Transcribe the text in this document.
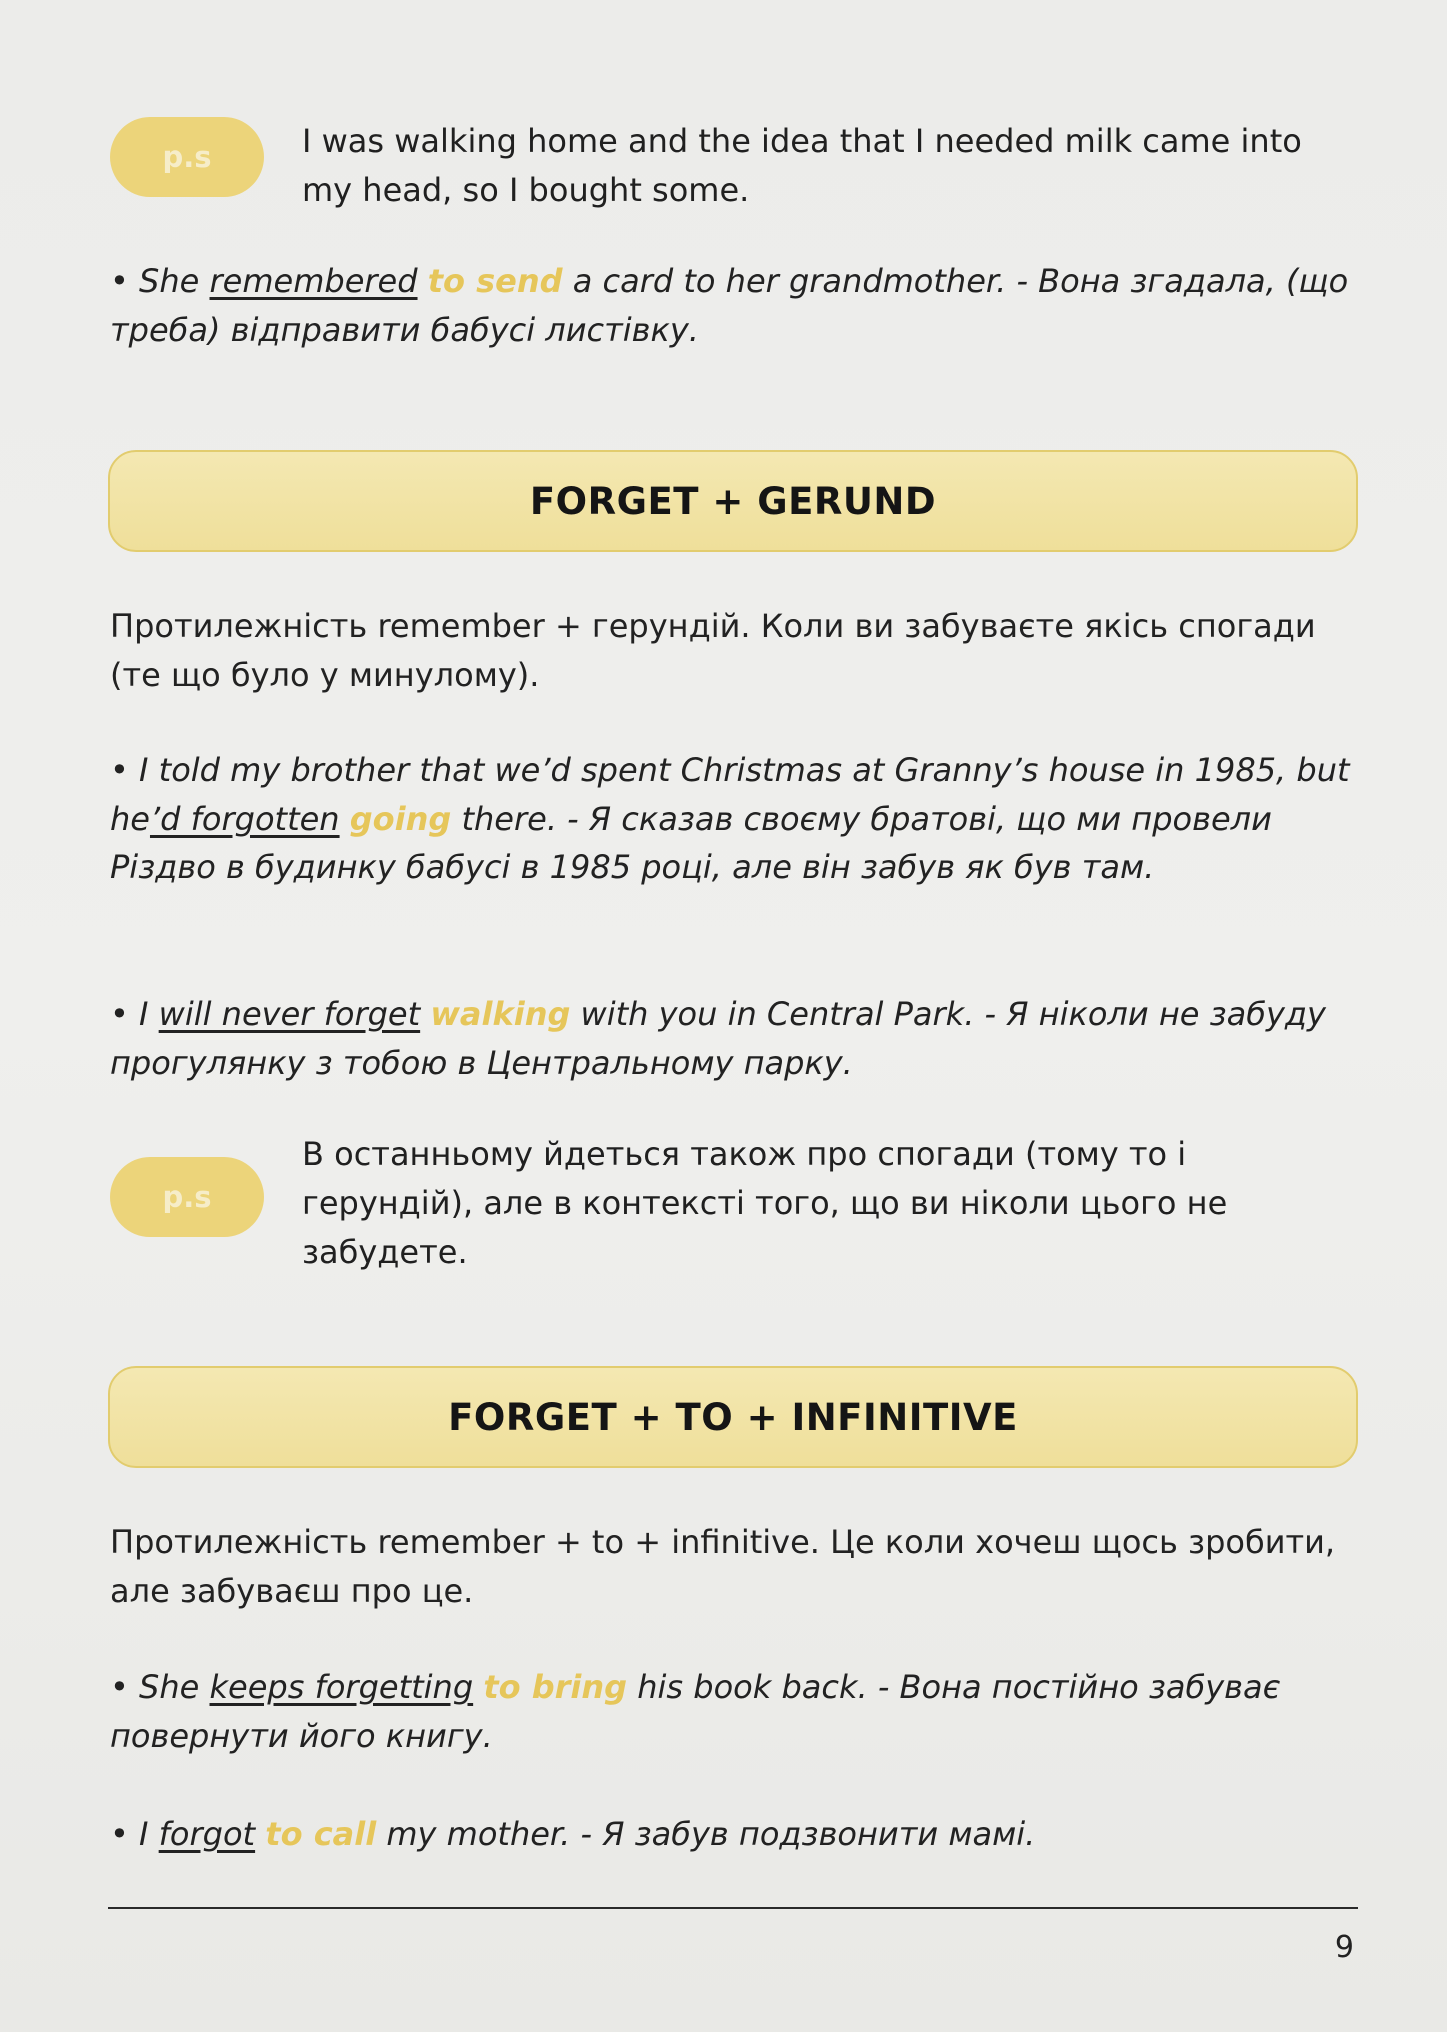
p.s	I was walking home and the idea that I needed milk came into my head, so I bought some.
• She remembered to send a card to her grandmother. - Вона згадала, (що треба) відправити бабусі листівку.
FORGET + GERUND
Протилежність remember + герундій. Коли ви забуваєте якісь спогади (те що було у минулому).
• I told my brother that we’d spent Christmas at Granny’s house in 1985, but he’d forgotten going there. - Я сказав своєму братові, що ми провели Різдво в будинку бабусі в 1985 році, але він забув як був там.
• I will never forget walking with you in Central Park. - Я ніколи не забуду прогулянку з тобою в Центральному парку.
p.s
В останньому йдеться також про спогади (тому то і герундій), але в контексті того, що ви ніколи цього не забудете.
FORGET + TO + INFINITIVE
Протилежність remember + to + infinitive. Це коли хочеш щось зробити, але забуваєш про це.
• She keeps forgetting to bring his book back. - Вона постійно забуває повернути його книгу.
• I forgot to call my mother. - Я забув подзвонити мамі.
9
